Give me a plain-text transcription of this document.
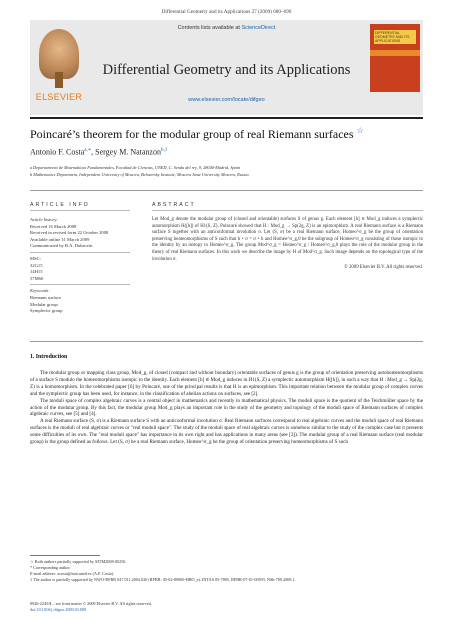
Differential Geometry and its Applications 27 (2009) 680–690
ELSEVIER
Contents lists available at ScienceDirect
Differential Geometry and its Applications
www.elsevier.com/locate/difgeo
DIFFERENTIAL GEOMETRY AND ITS APPLICATIONS
Poincaré’s theorem for the modular group of real Riemann surfaces ☆
Antonio F. Costa$^{a,∗}$, Sergey M. Natanzon$^{b,1}$
a Departamento de Matemáticas Fundamentales, Facultad de Ciencias, UNED, C. Senda del rey, 9, 28040-Madrid, Spain
b Mathematics Department, Independent University of Moscow, Belozersky Institute, Moscow State University Moscow, Russia
ARTICLE INFO	ABSTRACT
Article history:
Received 16 March 2008
Received in revised form 22 October 2008
Available online 31 March 2009
Communicated by B.A. Dubrovin
MSC:
32G15
14H15
57M60
Keywords:
Riemann surface
Modular group
Symplectic group
Let Mod_g denote the modular group of (closed and orientable) surfaces S of genus g. Each element [h] ∈ Mod_g induces a symplectic automorphism H([h]) of H1(S, Z). Poincaré showed that H : Mod_g → Sp(2g, Z) is an epimorphism. A real Riemann surface is a Riemann surface S together with an anticonformal involution σ. Let (S, σ) be a real Riemann surface, Homeo^σ_g be the group of orientation preserving homeomorphisms of S such that h ∘ σ = σ ∘ h and Homeo^σ_g,0 be the subgroup of Homeo^σ_g consisting of those isotopic to the identity by an isotopy in Homeo^σ_g. The group Mod^σ_g = Homeo^σ_g / Homeo^σ_g,0 plays the role of the modular group in the theory of real Riemann surfaces. In this work we describe the image by H of Mod^σ_g. Such image depends on the topological type of the involution σ.
© 2009 Elsevier B.V. All rights reserved.
1. Introduction

The modular group or mapping class group, Mod_g, of closed (compact and without boundary) orientable surfaces of genus g is the group of orientation preserving autohomeomorphisms of a surface S modulo the homeomorphisms isotopic to the identity. Each element [h] ∈ Mod_g induces in H1(S, Z) a symplectic automorphism H([h]), in such a way that H : Mod_g → Sp(2g, Z) is a homomorphism. In the celebrated paper [6] by Poincaré, one of the principal results is that H is an epimorphism. This important relation between the modular group of complex curves and the symplectic group has been used, for instance, in the classification of abelian actions on surfaces, see [2].

The moduli space of complex algebraic curves is a central object in mathematics and recently in mathematical physics. The moduli space is the quotient of the Teichmüller space by the action of the modular group. By this fact, the modular group Mod_g plays an important role in the study of the geometry and topology of the moduli space of Riemann surfaces of complex algebraic curves, see [5] and [4].

A real Riemann surface (S, σ) is a Riemann surface S with an anticonformal involution σ. Real Riemann surfaces correspond to real algebraic curves and the moduli space of real Riemann surfaces is the moduli of real algebraic curves or "real moduli space". The study of the moduli space of real algebraic curves is somehow similar to the study of the complex case but it presents some difficulties of its own. The "real moduli space" has importance in its own right and has applications in many areas (see [3]). The modular group of a real Riemann surface (real modular group) is the group defined as follows. Let (S, σ) be a real Riemann surface, Homeo^σ_g be the group of orientation preserving homeomorphisms of S such

☆ Both authors partially supported by MTM2008-00250.
* Corresponding author.
E-mail address: acosta@mat.uned.es (A.F. Costa).
1 The author is partially supported by NWO-RFBR 047.011.2004.026 (RFBR: 05-02-89000-HBO_a), INTAS 05-7805, RFBR-07-01-00593, NSh-709.2008.1.
0926-2245/$ – see front matter © 2009 Elsevier B.V. All rights reserved.
doi:10.1016/j.difgeo.2009.03.008
